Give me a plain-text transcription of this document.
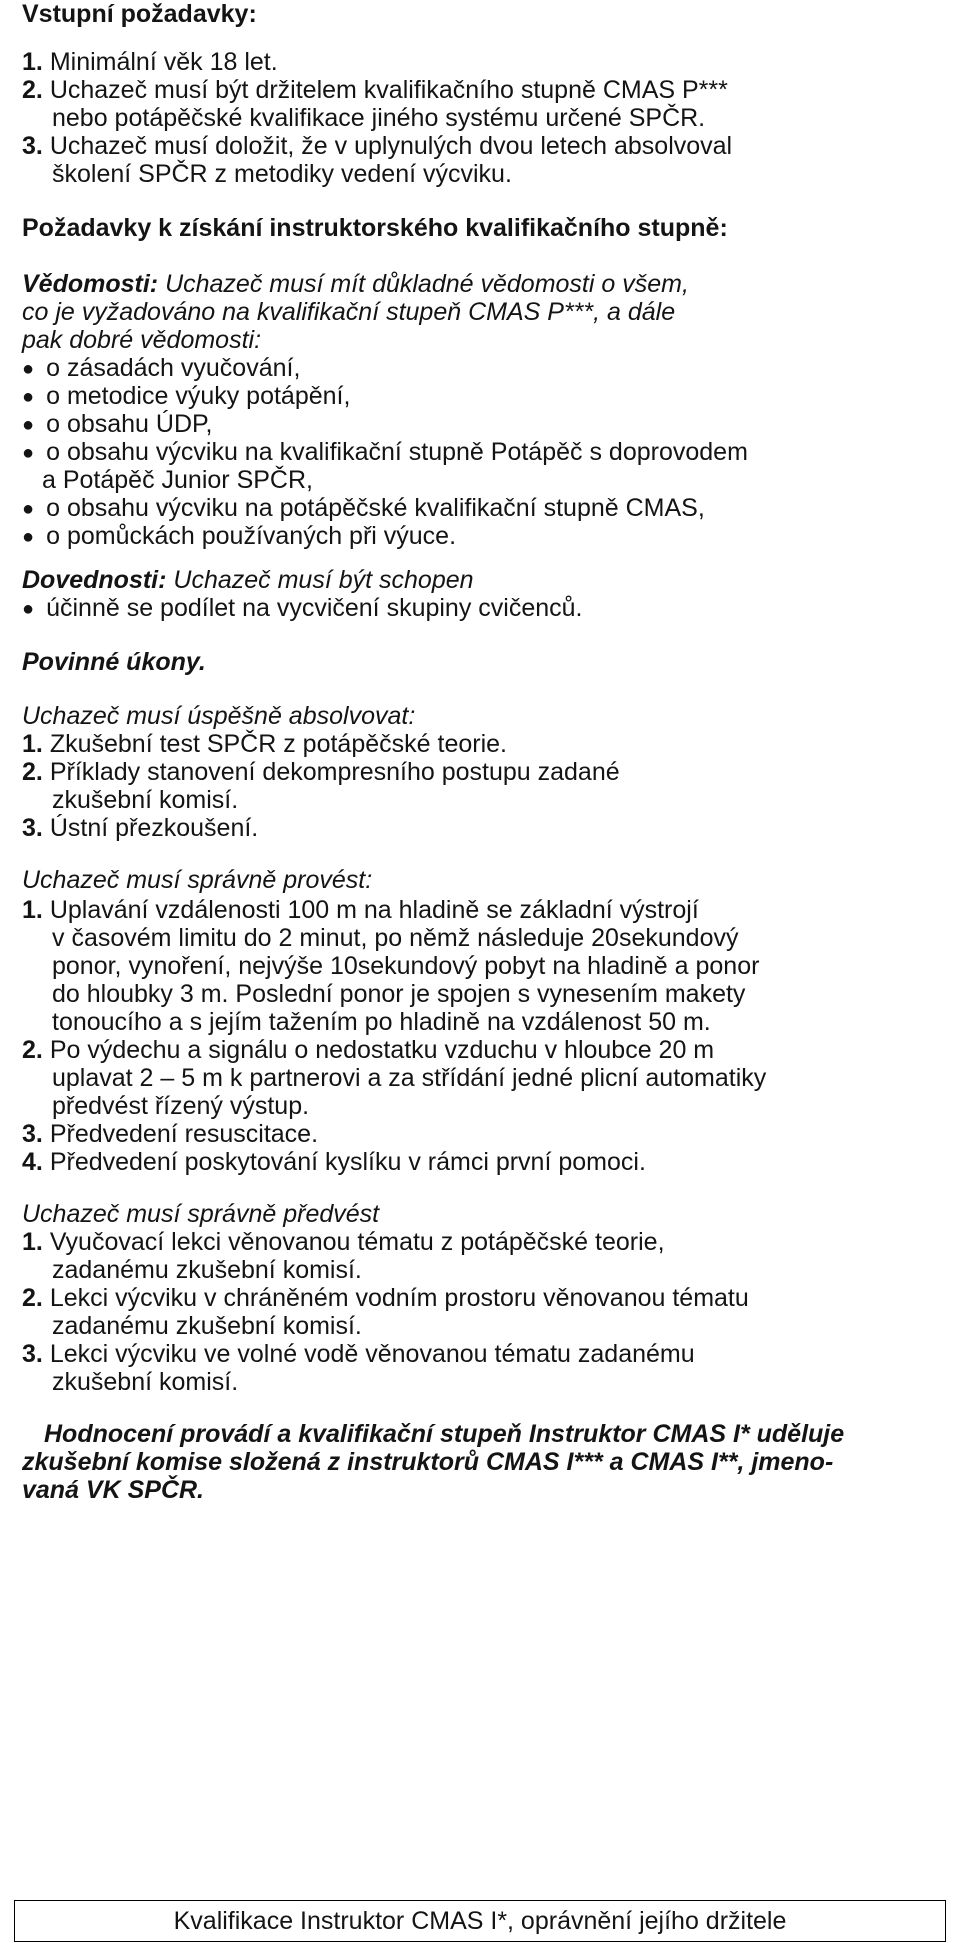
Vstupní požadavky:
1. Minimální věk 18 let.
2. Uchazeč musí být držitelem kvalifikačního stupně CMAS P***
nebo potápěčské kvalifikace jiného systému určené SPČR.
3. Uchazeč musí doložit, že v uplynulých dvou letech absolvoval
školení SPČR z metodiky vedení výcviku.
Požadavky k získání instruktorského kvalifikačního stupně:
Vědomosti: Uchazeč musí mít důkladné vědomosti o všem,
co je vyžadováno na kvalifikační stupeň CMAS P***, a dále
pak dobré vědomosti:
● o zásadách vyučování,
● o metodice výuky potápění,
● o obsahu ÚDP,
● o obsahu výcviku na kvalifikační stupně Potápěč s doprovodem
a Potápěč Junior SPČR,
● o obsahu výcviku na potápěčské kvalifikační stupně CMAS,
● o pomůckách používaných při výuce.
Dovednosti: Uchazeč musí být schopen
● účinně se podílet na vycvičení skupiny cvičenců.
Povinné úkony.
Uchazeč musí úspěšně absolvovat:
1. Zkušební test SPČR z potápěčské teorie.
2. Příklady stanovení dekompresního postupu zadané
zkušební komisí.
3. Ústní přezkoušení.
Uchazeč musí správně provést:
1. Uplavání vzdálenosti 100 m na hladině se základní výstrojí
v časovém limitu do 2 minut, po němž následuje 20sekundový
ponor, vynoření, nejvýše 10sekundový pobyt na hladině a ponor
do hloubky 3 m. Poslední ponor je spojen s vynesením makety
tonoucího a s jejím tažením po hladině na vzdálenost 50 m.
2. Po výdechu a signálu o nedostatku vzduchu v hloubce 20 m
uplavat 2 – 5 m k partnerovi a za střídání jedné plicní automatiky
předvést řízený výstup.
3. Předvedení resuscitace.
4. Předvedení poskytování kyslíku v rámci první pomoci.
Uchazeč musí správně předvést
1. Vyučovací lekci věnovanou tématu z potápěčské teorie,
zadanému zkušební komisí.
2. Lekci výcviku v chráněném vodním prostoru věnovanou tématu
zadanému zkušební komisí.
3. Lekci výcviku ve volné vodě věnovanou tématu zadanému
zkušební komisí.
Hodnocení provádí a kvalifikační stupeň Instruktor CMAS I* uděluje
zkušební komise složená z instruktorů CMAS I*** a CMAS I**, jmeno-
vaná VK SPČR.
Kvalifikace Instruktor CMAS I*, oprávnění jejího držitele
